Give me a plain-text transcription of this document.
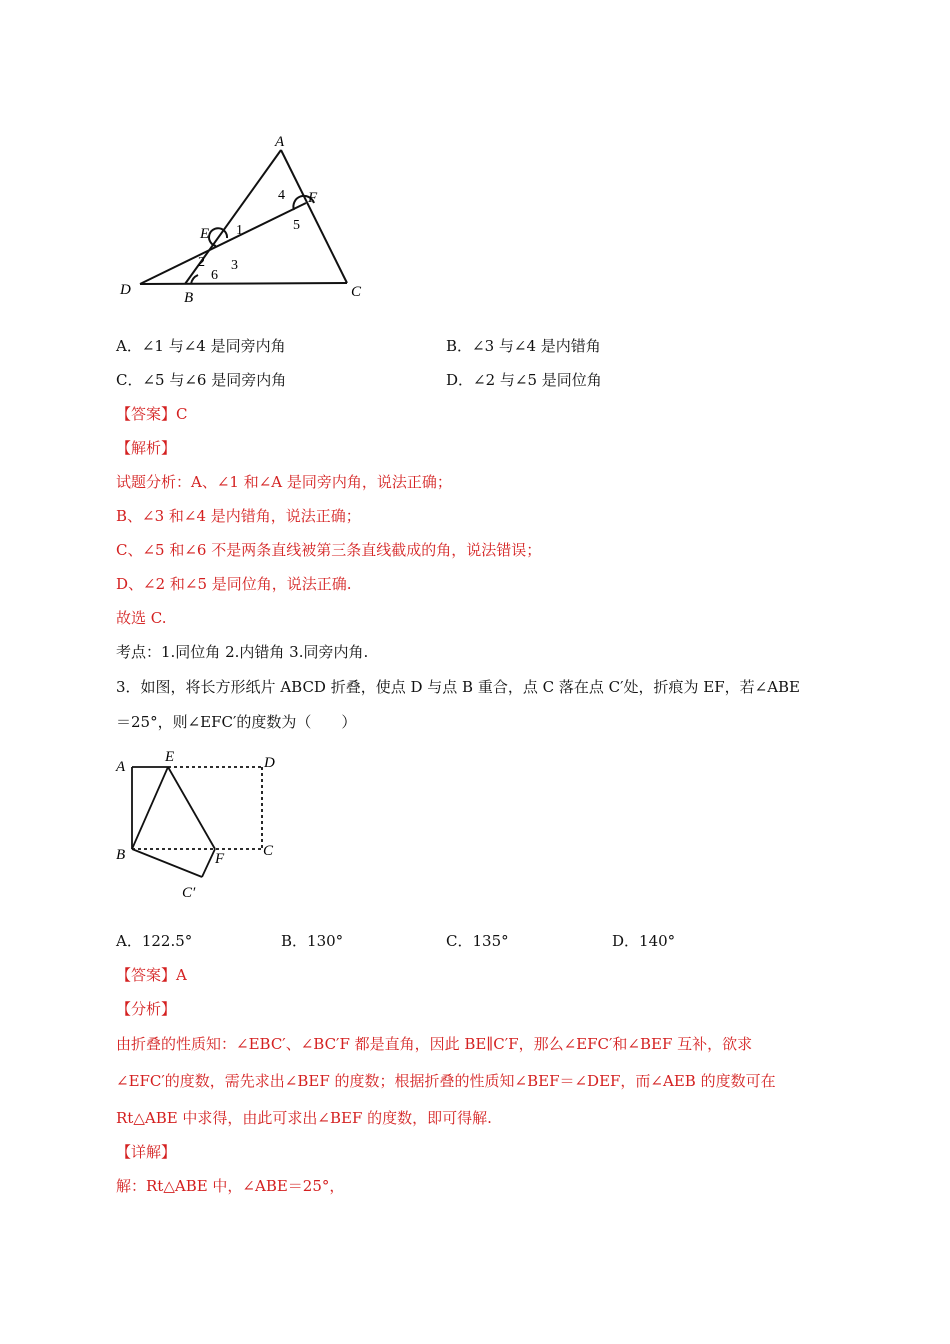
A
F
E
D	B	C
4
5
1
2 3
6
A．∠1 与∠4 是同旁内角	B．∠3 与∠4 是内错角
C．∠5 与∠6 是同旁内角	D．∠2 与∠5 是同位角
【答案】C
【解析】
试题分析：A、∠1 和∠A 是同旁内角，说法正确；
B、∠3 和∠4 是内错角，说法正确；
C、∠5 和∠6 不是两条直线被第三条直线截成的角，说法错误；
D、∠2 和∠5 是同位角，说法正确.
故选 C.
考点：1.同位角 2.内错角 3.同旁内角.
3．如图，将长方形纸片 ABCD 折叠，使点 D 与点 B 重合，点 C 落在点 C′处，折痕为 EF，若∠ABE
＝25°，则∠EFC′的度数为（　　）
A
E	D
B	F	C
C′
A．122.5°	B．130°	C．135°	D．140°
【答案】A
【分析】
由折叠的性质知：∠EBC′、∠BC′F 都是直角，因此 BE∥C′F，那么∠EFC′和∠BEF 互补，欲求
∠EFC′的度数，需先求出∠BEF 的度数；根据折叠的性质知∠BEF＝∠DEF，而∠AEB 的度数可在
Rt△ABE 中求得，由此可求出∠BEF 的度数，即可得解.
【详解】
解：Rt△ABE 中，∠ABE＝25°，
